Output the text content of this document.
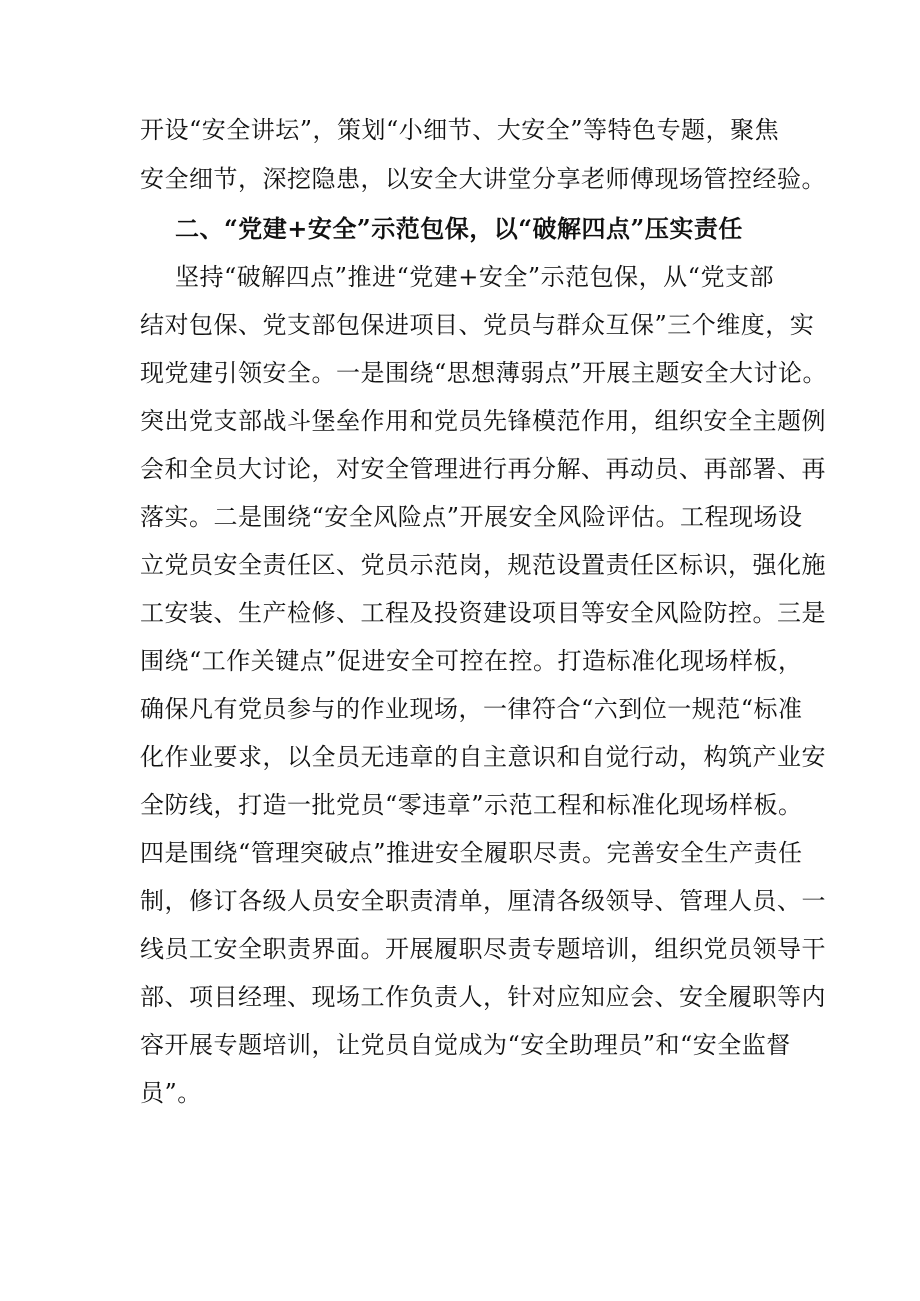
开设“安全讲坛”，策划“小细节、大安全”等特色专题，聚焦
安全细节，深挖隐患，以安全大讲堂分享老师傅现场管控经验。
二、“党建+安全”示范包保，以“破解四点”压实责任
坚持“破解四点”推进“党建+安全”示范包保，从“党支部
结对包保、党支部包保进项目、党员与群众互保”三个维度，实
现党建引领安全。一是围绕“思想薄弱点”开展主题安全大讨论。
突出党支部战斗堡垒作用和党员先锋模范作用，组织安全主题例
会和全员大讨论，对安全管理进行再分解、再动员、再部署、再
落实。二是围绕“安全风险点”开展安全风险评估。工程现场设
立党员安全责任区、党员示范岗，规范设置责任区标识，强化施
工安装、生产检修、工程及投资建设项目等安全风险防控。三是
围绕“工作关键点”促进安全可控在控。打造标准化现场样板，
确保凡有党员参与的作业现场，一律符合“六到位一规范“标准
化作业要求，以全员无违章的自主意识和自觉行动，构筑产业安
全防线，打造一批党员“零违章”示范工程和标准化现场样板。
四是围绕“管理突破点”推进安全履职尽责。完善安全生产责任
制，修订各级人员安全职责清单，厘清各级领导、管理人员、一
线员工安全职责界面。开展履职尽责专题培训，组织党员领导干
部、项目经理、现场工作负责人，针对应知应会、安全履职等内
容开展专题培训，让党员自觉成为“安全助理员”和“安全监督
员”。
